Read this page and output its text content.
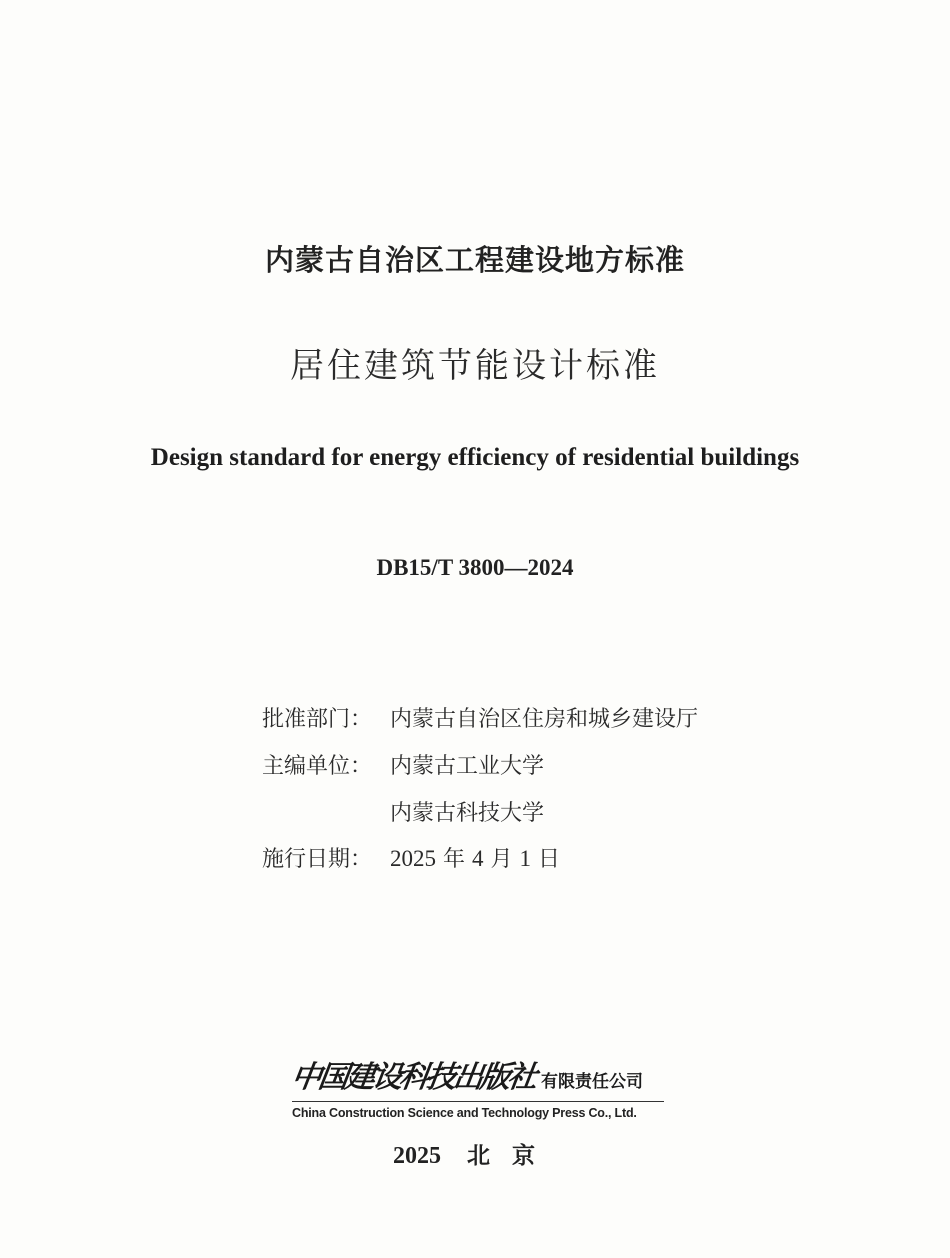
内蒙古自治区工程建设地方标准
居住建筑节能设计标准
Design standard for energy efficiency of residential buildings
DB15/T 3800—2024
批准部门： 内蒙古自治区住房和城乡建设厅
主编单位： 内蒙古工业大学
内蒙古科技大学
施行日期： 2025 年 4 月 1 日
中国建设科技出版社 有限责任公司
China Construction Science and Technology Press Co., Ltd.
2025 北京
